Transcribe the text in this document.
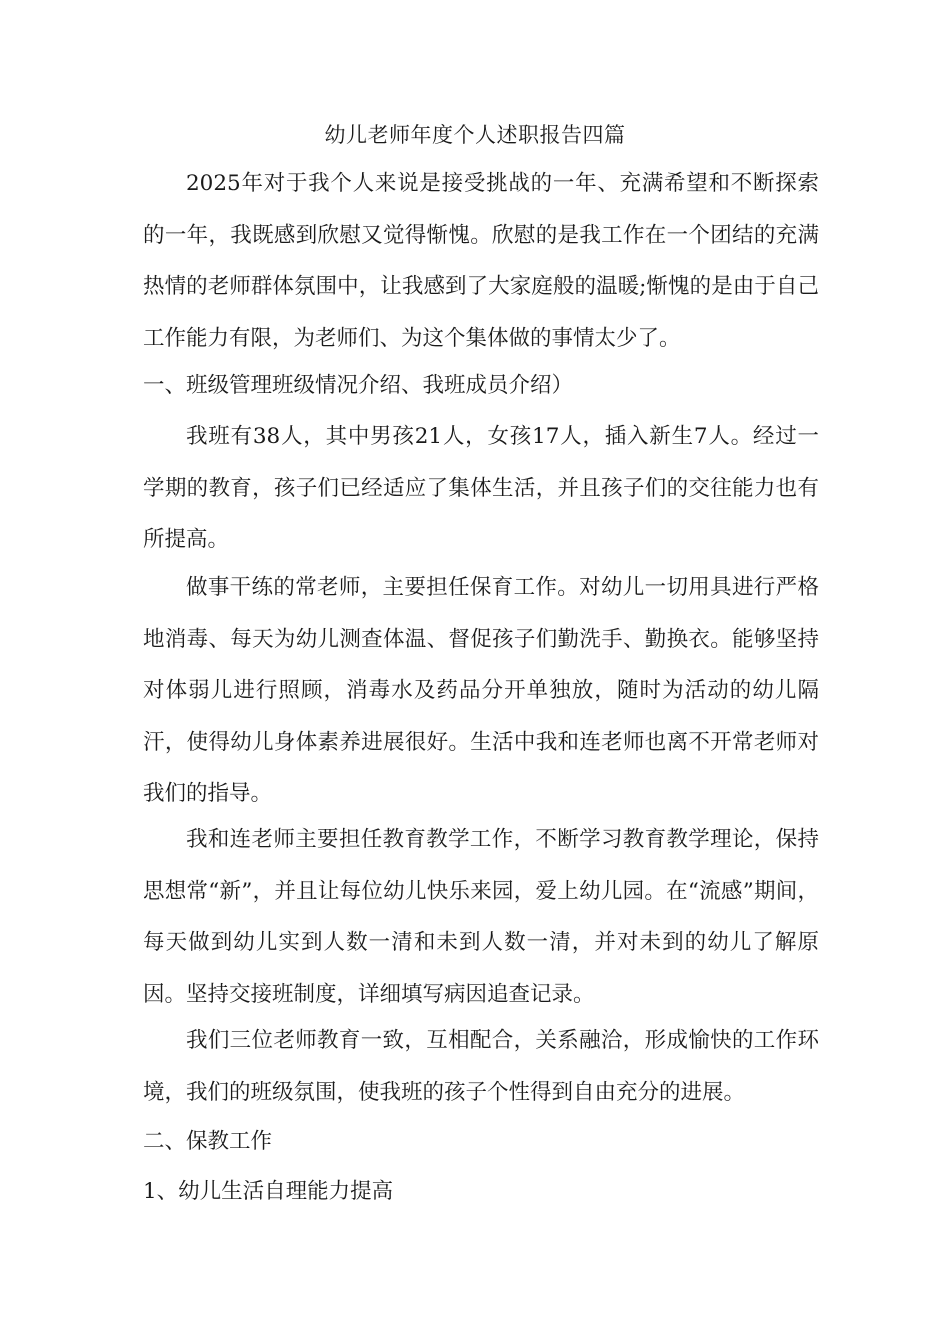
幼儿老师年度个人述职报告四篇

2025年对于我个人来说是接受挑战的一年、充满希望和不断探索的一年，我既感到欣慰又觉得惭愧。欣慰的是我工作在一个团结的充满热情的老师群体氛围中，让我感到了大家庭般的温暖;惭愧的是由于自己工作能力有限，为老师们、为这个集体做的事情太少了。

一、班级管理班级情况介绍、我班成员介绍）

我班有38人，其中男孩21人，女孩17人，插入新生7人。经过一学期的教育，孩子们已经适应了集体生活，并且孩子们的交往能力也有所提高。

做事干练的常老师，主要担任保育工作。对幼儿一切用具进行严格地消毒、每天为幼儿测查体温、督促孩子们勤洗手、勤换衣。能够坚持对体弱儿进行照顾，消毒水及药品分开单独放，随时为活动的幼儿隔汗，使得幼儿身体素养进展很好。生活中我和连老师也离不开常老师对我们的指导。

我和连老师主要担任教育教学工作，不断学习教育教学理论，保持思想常“新”，并且让每位幼儿快乐来园，爱上幼儿园。在“流感”期间，每天做到幼儿实到人数一清和未到人数一清，并对未到的幼儿了解原因。坚持交接班制度，详细填写病因追查记录。

我们三位老师教育一致，互相配合，关系融洽，形成愉快的工作环境，我们的班级氛围，使我班的孩子个性得到自由充分的进展。

二、保教工作

1、幼儿生活自理能力提高
